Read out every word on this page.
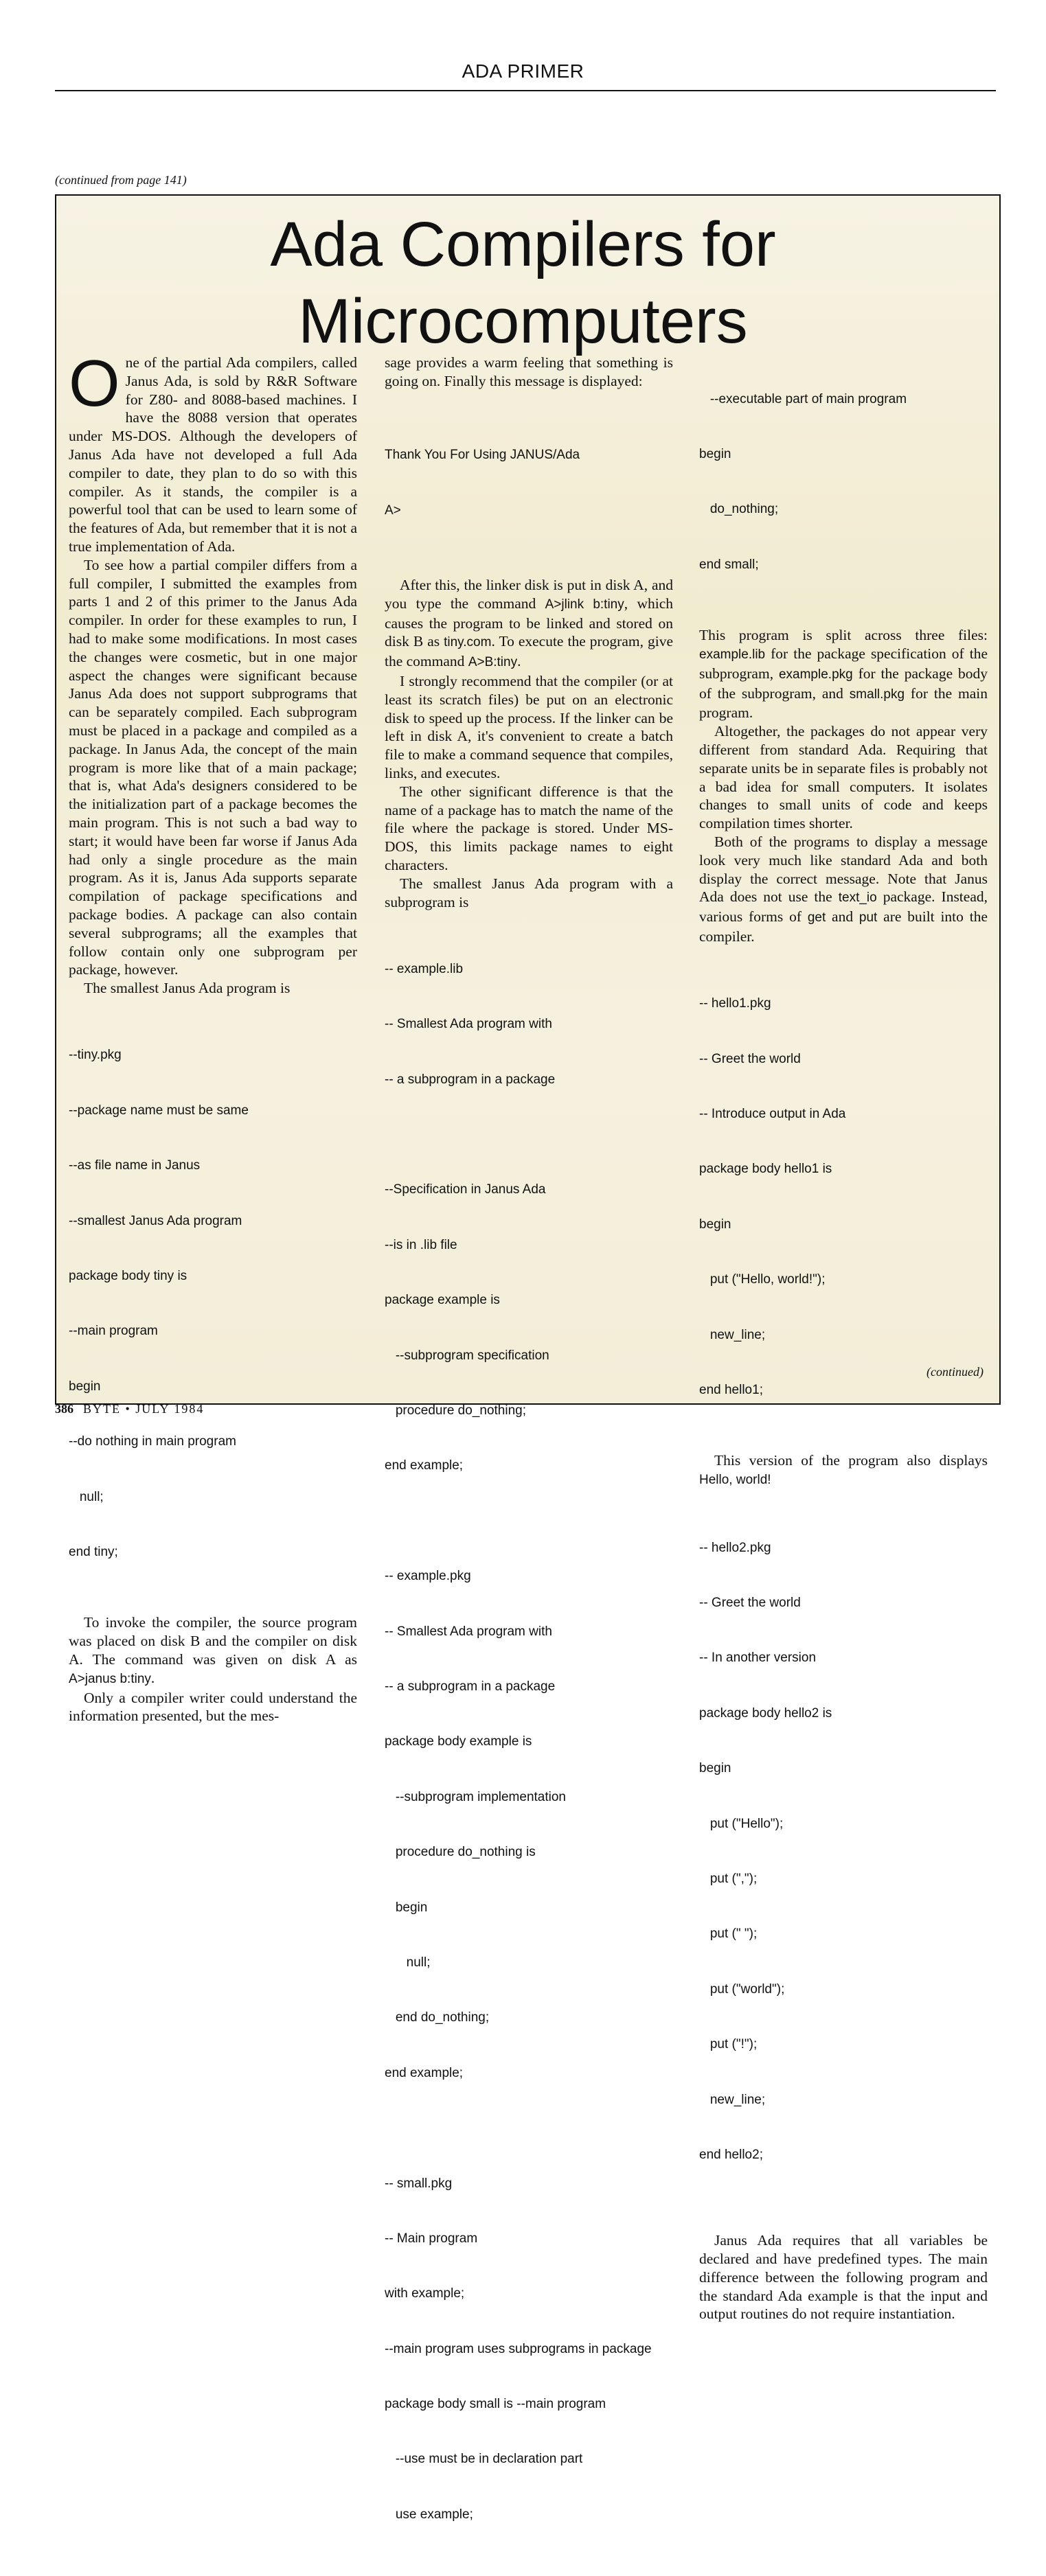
ADA PRIMER
(continued from page 141)
Ada Compilers for
Microcomputers

One of the partial Ada compilers, called Janus Ada, is sold by R&R Software for Z80- and 8088-based machines. I have the 8088 version that operates under MS-DOS. Although the developers of Janus Ada have not developed a full Ada compiler to date, they plan to do so with this compiler. As it stands, the compiler is a powerful tool that can be used to learn some of the features of Ada, but remember that it is not a true implementation of Ada.

To see how a partial compiler differs from a full compiler, I submitted the examples from parts 1 and 2 of this primer to the Janus Ada compiler. In order for these examples to run, I had to make some modifications. In most cases the changes were cosmetic, but in one major aspect the changes were significant because Janus Ada does not support subprograms that can be separately compiled. Each subprogram must be placed in a package and compiled as a package. In Janus Ada, the concept of the main program is more like that of a main package; that is, what Ada's designers considered to be the initialization part of a package becomes the main program. This is not such a bad way to start; it would have been far worse if Janus Ada had only a single procedure as the main program. As it is, Janus Ada supports separate compilation of package specifications and package bodies. A package can also contain several subprograms; all the examples that follow contain only one subprogram per package, however.

The smallest Janus Ada program is

--tiny.pkg

--package name must be same

--as file name in Janus

--smallest Janus Ada program

package body tiny is

--main program

begin

--do nothing in main program

null;

end tiny;

To invoke the compiler, the source program was placed on disk B and the compiler on disk A. The command was given on disk A as A>janus b:tiny.

Only a compiler writer could understand the information presented, but the mes-

sage provides a warm feeling that something is going on. Finally this message is displayed:

Thank You For Using JANUS/Ada

A>

After this, the linker disk is put in disk A, and you type the command A>jlink b:tiny, which causes the program to be linked and stored on disk B as tiny.com. To execute the program, give the command A>B:tiny.

I strongly recommend that the compiler (or at least its scratch files) be put on an electronic disk to speed up the process. If the linker can be left in disk A, it's convenient to create a batch file to make a command sequence that compiles, links, and executes.

The other significant difference is that the name of a package has to match the name of the file where the package is stored. Under MS-DOS, this limits package names to eight characters.

The smallest Janus Ada program with a subprogram is

-- example.lib

-- Smallest Ada program with

-- a subprogram in a package

--Specification in Janus Ada

--is in .lib file

package example is

--subprogram specification

procedure do_nothing;

end example;

-- example.pkg

-- Smallest Ada program with

-- a subprogram in a package

package body example is

--subprogram implementation

procedure do_nothing is

begin

null;

end do_nothing;

end example;

-- small.pkg

-- Main program

with example;

--main program uses subprograms in package

package body small is --main program

--use must be in declaration part

use example;

--executable part of main program

begin

do_nothing;

end small;

This program is split across three files: example.lib for the package specification of the subprogram, example.pkg for the package body of the subprogram, and small.pkg for the main program.

Altogether, the packages do not appear very different from standard Ada. Requiring that separate units be in separate files is probably not a bad idea for small computers. It isolates changes to small units of code and keeps compilation times shorter.

Both of the programs to display a message look very much like standard Ada and both display the correct message. Note that Janus Ada does not use the text_io package. Instead, various forms of get and put are built into the compiler.

-- hello1.pkg

-- Greet the world

-- Introduce output in Ada

package body hello1 is

begin

put ("Hello, world!");

new_line;

end hello1;

This version of the program also displays Hello, world!

-- hello2.pkg

-- Greet the world

-- In another version

package body hello2 is

begin

put ("Hello");

put (",");

put (" ");

put ("world");

put ("!");

new_line;

end hello2;

Janus Ada requires that all variables be declared and have predefined types. The main difference between the following program and the standard Ada example is that the input and output routines do not require instantiation.

(continued)
386 BYTE • JULY 1984
